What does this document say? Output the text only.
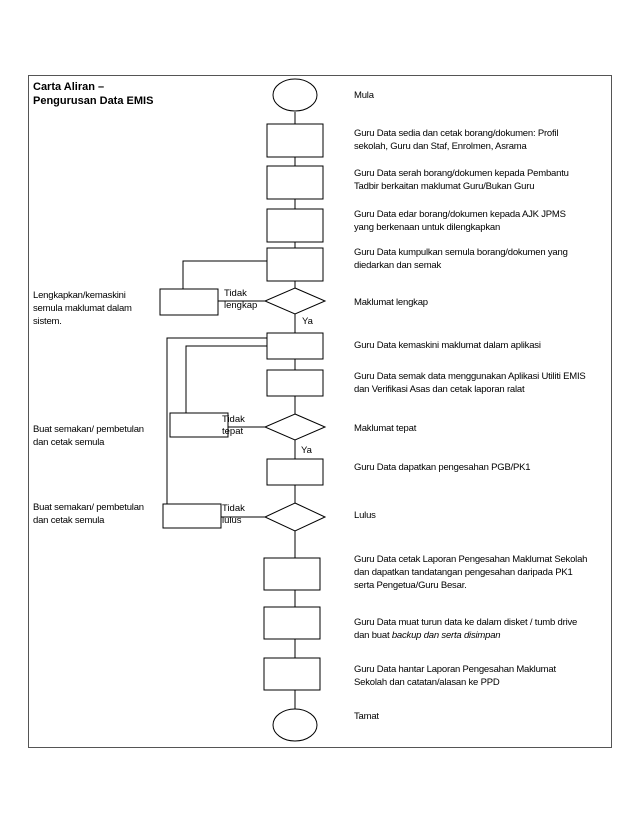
Carta Aliran –
Pengurusan Data EMIS	Mula
Guru Data sedia dan cetak borang/dokumen: Profil
sekolah, Guru dan Staf, Enrolmen, Asrama
Guru Data serah borang/dokumen kepada Pembantu
Tadbir berkaitan maklumat Guru/Bukan Guru
Guru Data edar borang/dokumen kepada AJK JPMS
yang berkenaan untuk dilengkapkan
Guru Data kumpulkan semula borang/dokumen yang
diedarkan dan semak
Maklumat lengkap
Guru Data kemaskini maklumat dalam aplikasi
Guru Data semak data menggunakan Aplikasi Utiliti EMIS
dan Verifikasi Asas dan cetak laporan ralat
Maklumat tepat
Guru Data dapatkan pengesahan PGB/PK1
Lulus
Guru Data cetak Laporan Pengesahan Maklumat Sekolah
dan dapatkan tandatangan pengesahan daripada PK1
serta Pengetua/Guru Besar.
Guru Data muat turun data ke dalam disket / tumb drive
dan buat backup dan serta disimpan
Guru Data hantar Laporan Pengesahan Maklumat
Sekolah dan catatan/alasan ke PPD
Tamat
Lengkapkan/kemaskini
semula maklumat dalam
sistem.
Buat semakan/ pembetulan
dan cetak semula
Buat semakan/ pembetulan
dan cetak semula
Tidak
lengkap
Ya
Tidak
tepat
Ya
Tidak
lulus
